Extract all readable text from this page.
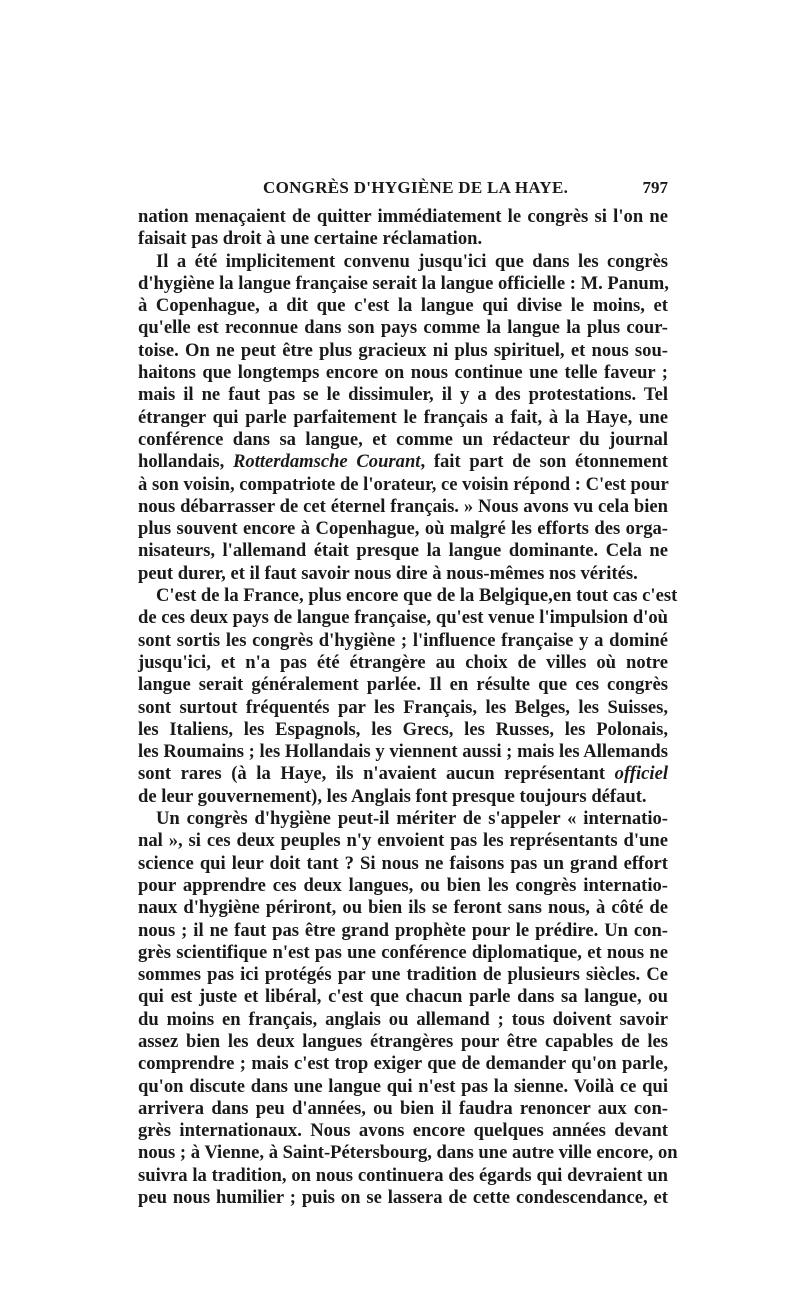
CONGRÈS D'HYGIÈNE DE LA HAYE.	797
nation menaçaient de quitter immédiatement le congrès si l'on ne
faisait pas droit à une certaine réclamation.
Il a été implicitement convenu jusqu'ici que dans les congrès
d'hygiène la langue française serait la langue officielle : M. Panum,
à Copenhague, a dit que c'est la langue qui divise le moins, et
qu'elle est reconnue dans son pays comme la langue la plus cour-
toise. On ne peut être plus gracieux ni plus spirituel, et nous sou-
haitons que longtemps encore on nous continue une telle faveur ;
mais il ne faut pas se le dissimuler, il y a des protestations. Tel
étranger qui parle parfaitement le français a fait, à la Haye, une
conférence dans sa langue, et comme un rédacteur du journal
hollandais, Rotterdamsche Courant, fait part de son étonnement
à son voisin, compatriote de l'orateur, ce voisin répond : C'est pour
nous débarrasser de cet éternel français. » Nous avons vu cela bien
plus souvent encore à Copenhague, où malgré les efforts des orga-
nisateurs, l'allemand était presque la langue dominante. Cela ne
peut durer, et il faut savoir nous dire à nous-mêmes nos vérités.
C'est de la France, plus encore que de la Belgique,en tout cas c'est
de ces deux pays de langue française, qu'est venue l'impulsion d'où
sont sortis les congrès d'hygiène ; l'influence française y a dominé
jusqu'ici, et n'a pas été étrangère au choix de villes où notre
langue serait généralement parlée. Il en résulte que ces congrès
sont surtout fréquentés par les Français, les Belges, les Suisses,
les Italiens, les Espagnols, les Grecs, les Russes, les Polonais,
les Roumains ; les Hollandais y viennent aussi ; mais les Allemands
sont rares (à la Haye, ils n'avaient aucun représentant officiel
de leur gouvernement), les Anglais font presque toujours défaut.
Un congrès d'hygiène peut-il mériter de s'appeler « internatio-
nal », si ces deux peuples n'y envoient pas les représentants d'une
science qui leur doit tant ? Si nous ne faisons pas un grand effort
pour apprendre ces deux langues, ou bien les congrès internatio-
naux d'hygiène périront, ou bien ils se feront sans nous, à côté de
nous ; il ne faut pas être grand prophète pour le prédire. Un con-
grès scientifique n'est pas une conférence diplomatique, et nous ne
sommes pas ici protégés par une tradition de plusieurs siècles. Ce
qui est juste et libéral, c'est que chacun parle dans sa langue, ou
du moins en français, anglais ou allemand ; tous doivent savoir
assez bien les deux langues étrangères pour être capables de les
comprendre ; mais c'est trop exiger que de demander qu'on parle,
qu'on discute dans une langue qui n'est pas la sienne. Voilà ce qui
arrivera dans peu d'années, ou bien il faudra renoncer aux con-
grès internationaux. Nous avons encore quelques années devant
nous ; à Vienne, à Saint-Pétersbourg, dans une autre ville encore, on
suivra la tradition, on nous continuera des égards qui devraient un
peu nous humilier ; puis on se lassera de cette condescendance, et
